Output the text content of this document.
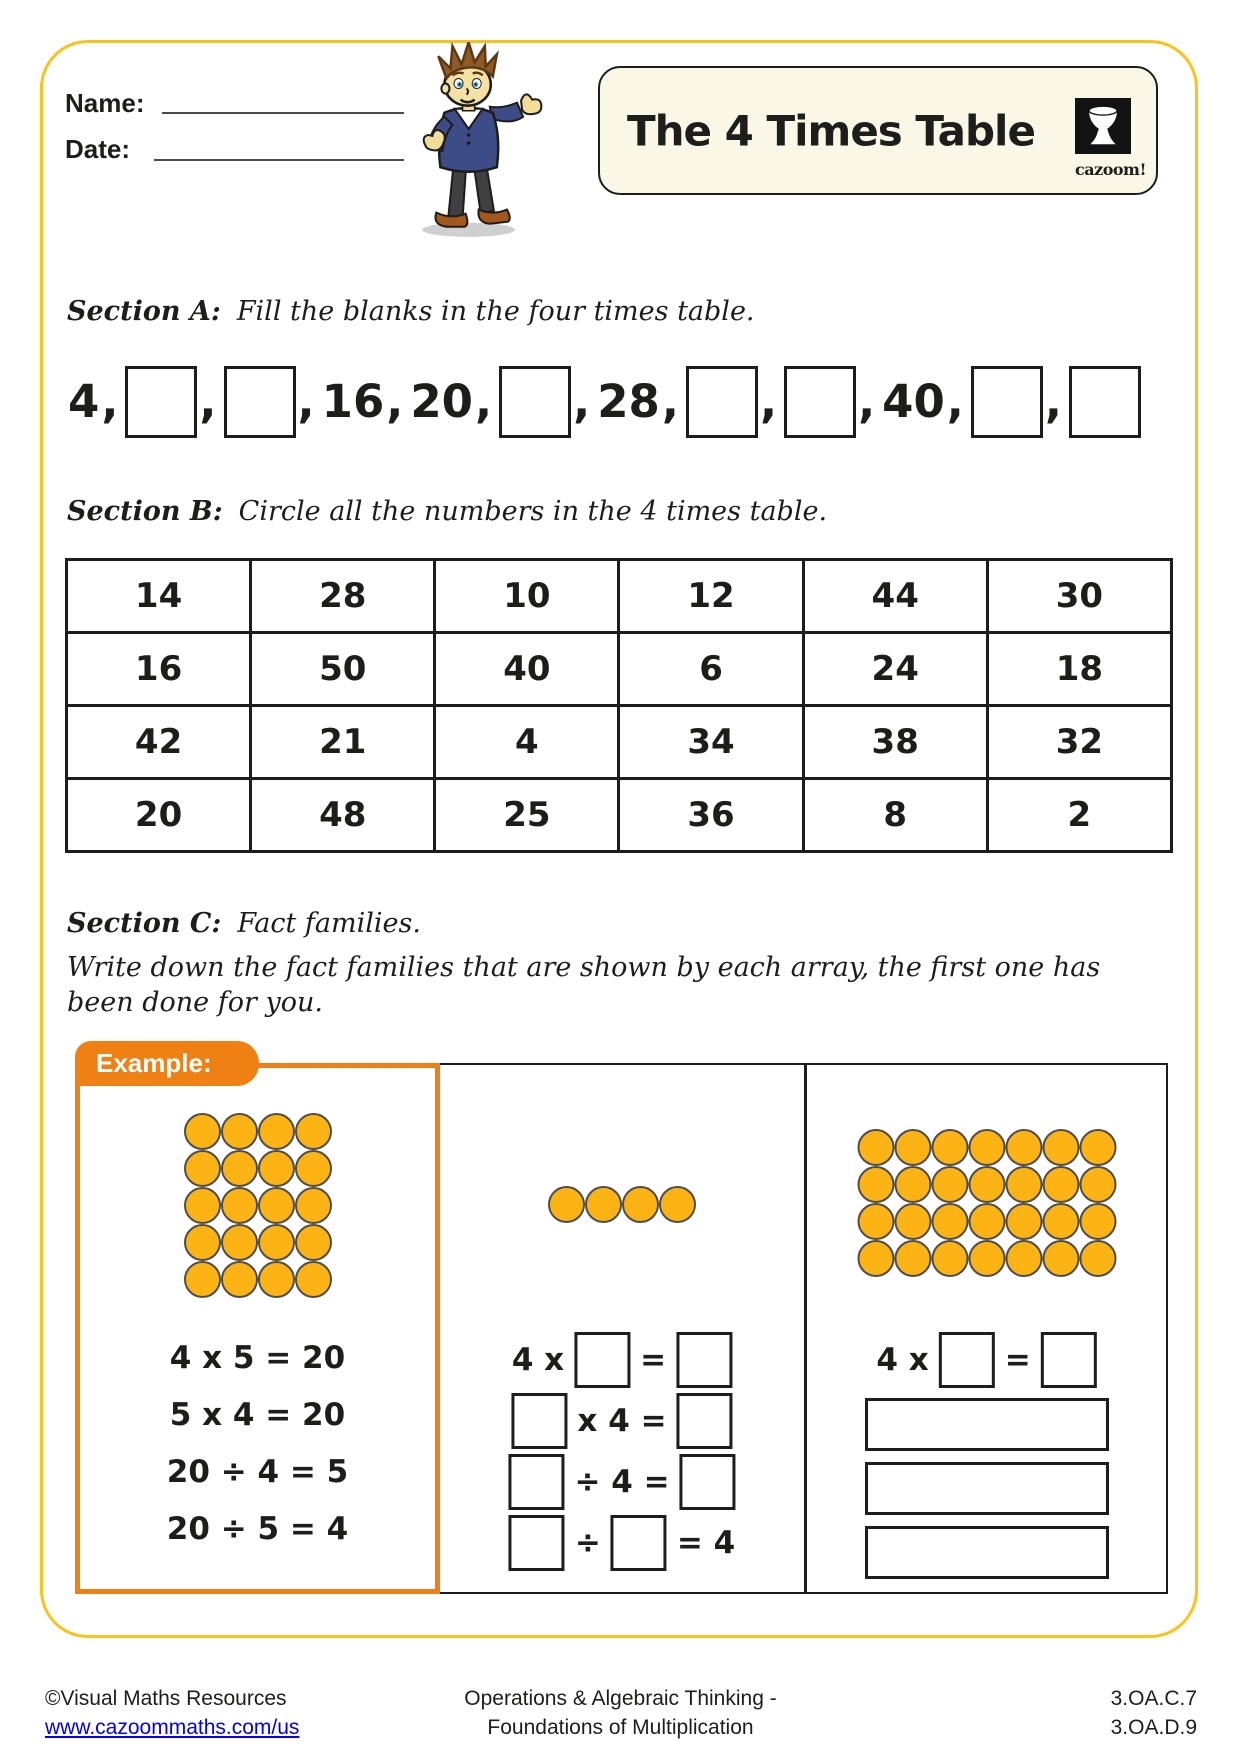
Name:
Date:	The 4 Times Table
cazoom!
Section A: Fill the blanks in the four times table.
4 , , , 16 , 20 , , 28 , , , 40 , ,
Section B: Circle all the numbers in the 4 times table.
14	28	10	12	44	30
16	50	40	6	24	18
42	21	4	34	38	32
20	48	25	36	8	2
Section C: Fact families.
Write down the fact families that are shown by each array, the first one has been done for you.
Example:
4 x 5 = 20
5 x 4 = 20
20 ÷ 4 = 5
20 ÷ 5 = 4
4 x =
x 4 =
÷ 4 =
÷ = 4
4 x =
©Visual Maths Resources
www.cazoommaths.com/us
Operations & Algebraic Thinking -
Foundations of Multiplication
3.OA.C.7
3.OA.D.9
